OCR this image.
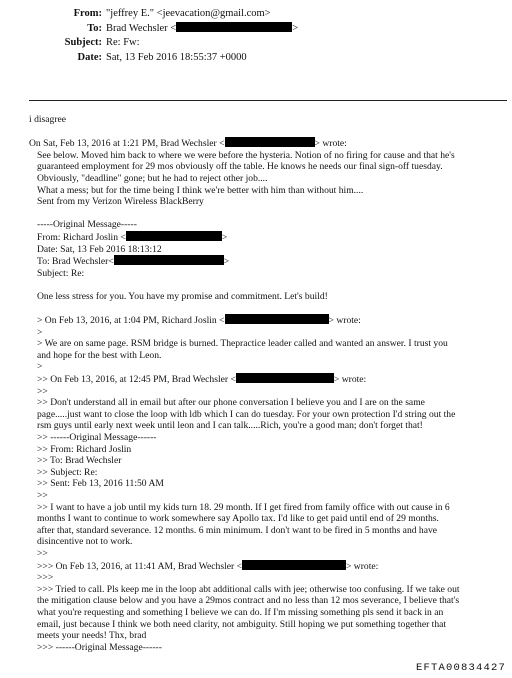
From: "jeffrey E." <jeevacation@gmail.com>
To: Brad Wechsler <	>
Subject: Re: Fw:
Date: Sat, 13 Feb 2016 18:55:37 +0000

i disagree

On Sat, Feb 13, 2016 at 1:21 PM, Brad Wechsler <	> wrote:

See below. Moved him back to where we were before the hysteria. Notion of no firing for cause and that he's

guaranteed employment for 29 mos obviously off the table. He knows he needs our final sign-off tuesday.

Obviously, "deadline" gone; but he had to reject other job....

What a mess; but for the time being I think we're better with him than without him....

Sent from my Verizon Wireless BlackBerry

-----Original Message-----

From: Richard Joslin <	>

Date: Sat, 13 Feb 2016 18:13:12

To: Brad Wechsler<	>

Subject: Re:

One less stress for you. You have my promise and commitment. Let's build!

> On Feb 13, 2016, at 1:04 PM, Richard Joslin <	> wrote:

>

> We are on same page. RSM bridge is burned. Thepractice leader called and wanted an answer. I trust you

and hope for the best with Leon.

>

>> On Feb 13, 2016, at 12:45 PM, Brad Wechsler <	> wrote:

>>

>> Don't understand all in email but after our phone conversation I believe you and I are on the same

page.....just want to close the loop with ldb which I can do tuesday. For your own protection I'd string out the

rsm guys until early next week until leon and I can talk.....Rich, you're a good man; don't forget that!

>> ------Original Message------

>> From: Richard Joslin

>> To: Brad Wechsler

>> Subject: Re:

>> Sent: Feb 13, 2016 11:50 AM

>>

>> I want to have a job until my kids turn 18. 29 month. If I get fired from family office with out cause in 6

months I want to continue to work somewhere say Apollo tax. I'd like to get paid until end of 29 months.

after that, standard severance. 12 months. 6 min minimum. I don't want to be fired in 5 months and have

disincentive not to work.

>>

>>> On Feb 13, 2016, at 11:41 AM, Brad Wechsler <	> wrote:

>>>

>>> Tried to call. Pls keep me in the loop abt additional calls with jee; otherwise too confusing. If we take out

the mitigation clause below and you have a 29mos contract and no less than 12 mos severance, I believe that's

what you're requesting and something I believe we can do. If I'm missing something pls send it back in an

email, just because I think we both need clarity, not ambiguity. Still hoping we put something together that

meets your needs! Thx, brad

>>> ------Original Message------

EFTA00834427
